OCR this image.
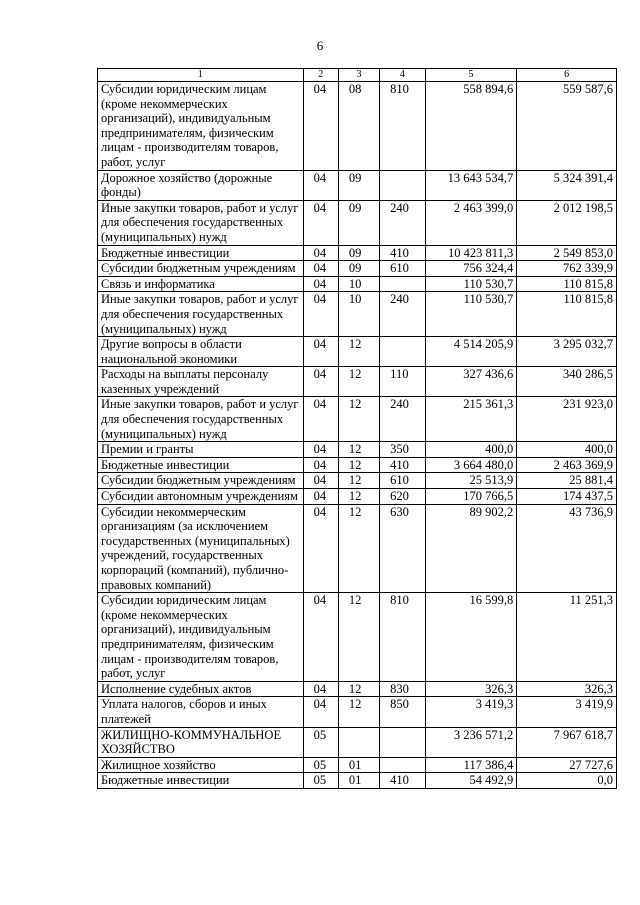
6
1	2	3	4	5	6
Субсидии юридическим лицам (кроме некоммерческих организаций), индивидуальным предпринимателям, физическим лицам - производителям товаров, работ, услуг	04	08	810	558 894,6	559 587,6
Дорожное хозяйство (дорожные фонды)	04	09		13 643 534,7	5 324 391,4
Иные закупки товаров, работ и услуг для обеспечения государственных (муниципальных) нужд	04	09	240	2 463 399,0	2 012 198,5
Бюджетные инвестиции	04	09	410	10 423 811,3	2 549 853,0
Субсидии бюджетным учреждениям	04	09	610	756 324,4	762 339,9
Связь и информатика	04	10		110 530,7	110 815,8
Иные закупки товаров, работ и услуг для обеспечения государственных (муниципальных) нужд	04	10	240	110 530,7	110 815,8
Другие вопросы в области национальной экономики	04	12		4 514 205,9	3 295 032,7
Расходы на выплаты персоналу казенных учреждений	04	12	110	327 436,6	340 286,5
Иные закупки товаров, работ и услуг для обеспечения государственных (муниципальных) нужд	04	12	240	215 361,3	231 923,0
Премии и гранты	04	12	350	400,0	400,0
Бюджетные инвестиции	04	12	410	3 664 480,0	2 463 369,9
Субсидии бюджетным учреждениям	04	12	610	25 513,9	25 881,4
Субсидии автономным учреждениям	04	12	620	170 766,5	174 437,5
Субсидии некоммерческим организациям (за исключением государственных (муниципальных) учреждений, государственных корпораций (компаний), публично-правовых компаний)	04	12	630	89 902,2	43 736,9
Субсидии юридическим лицам (кроме некоммерческих организаций), индивидуальным предпринимателям, физическим лицам - производителям товаров, работ, услуг	04	12	810	16 599,8	11 251,3
Исполнение судебных актов	04	12	830	326,3	326,3
Уплата налогов, сборов и иных платежей	04	12	850	3 419,3	3 419,9
ЖИЛИЩНО-КОММУНАЛЬНОЕ ХОЗЯЙСТВО	05			3 236 571,2	7 967 618,7
Жилищное хозяйство	05	01		117 386,4	27 727,6
Бюджетные инвестиции	05	01	410	54 492,9	0,0
